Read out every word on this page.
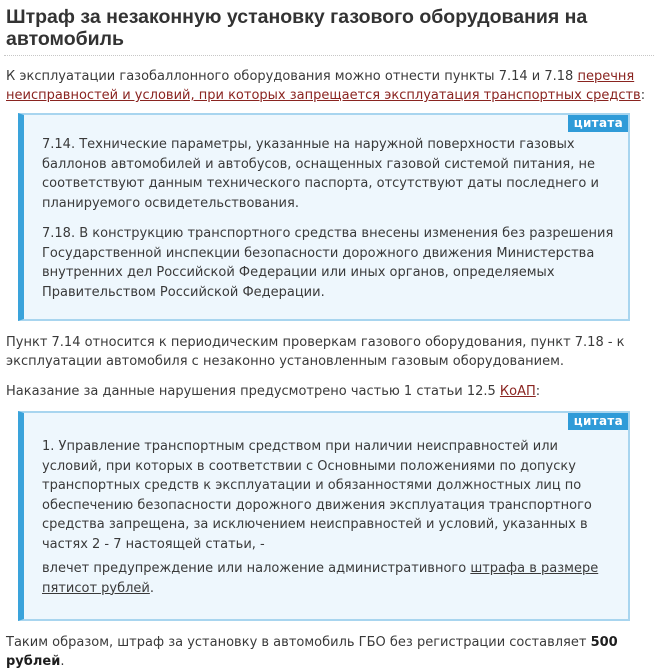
Штраф за незаконную установку газового оборудования на автомобиль
К эксплуатации газобаллонного оборудования можно отнести пункты 7.14 и 7.18 перечня неисправностей и условий, при которых запрещается эксплуатация транспортных средств:
цитата
7.14. Технические параметры, указанные на наружной поверхности газовых баллонов автомобилей и автобусов, оснащенных газовой системой питания, не соответствуют данным технического паспорта, отсутствуют даты последнего и планируемого освидетельствования.
7.18. В конструкцию транспортного средства внесены изменения без разрешения Государственной инспекции безопасности дорожного движения Министерства внутренних дел Российской Федерации или иных органов, определяемых Правительством Российской Федерации.
Пункт 7.14 относится к периодическим проверкам газового оборудования, пункт 7.18 - к эксплуатации автомобиля с незаконно установленным газовым оборудованием.
Наказание за данные нарушения предусмотрено частью 1 статьи 12.5 КоАП:
цитата
1. Управление транспортным средством при наличии неисправностей или условий, при которых в соответствии с Основными положениями по допуску транспортных средств к эксплуатации и обязанностями должностных лиц по обеспечению безопасности дорожного движения эксплуатация транспортного средства запрещена, за исключением неисправностей и условий, указанных в частях 2 - 7 настоящей статьи, -
влечет предупреждение или наложение административного штрафа в размере пятисот рублей.
Таким образом, штраф за установку в автомобиль ГБО без регистрации составляет 500 рублей.
